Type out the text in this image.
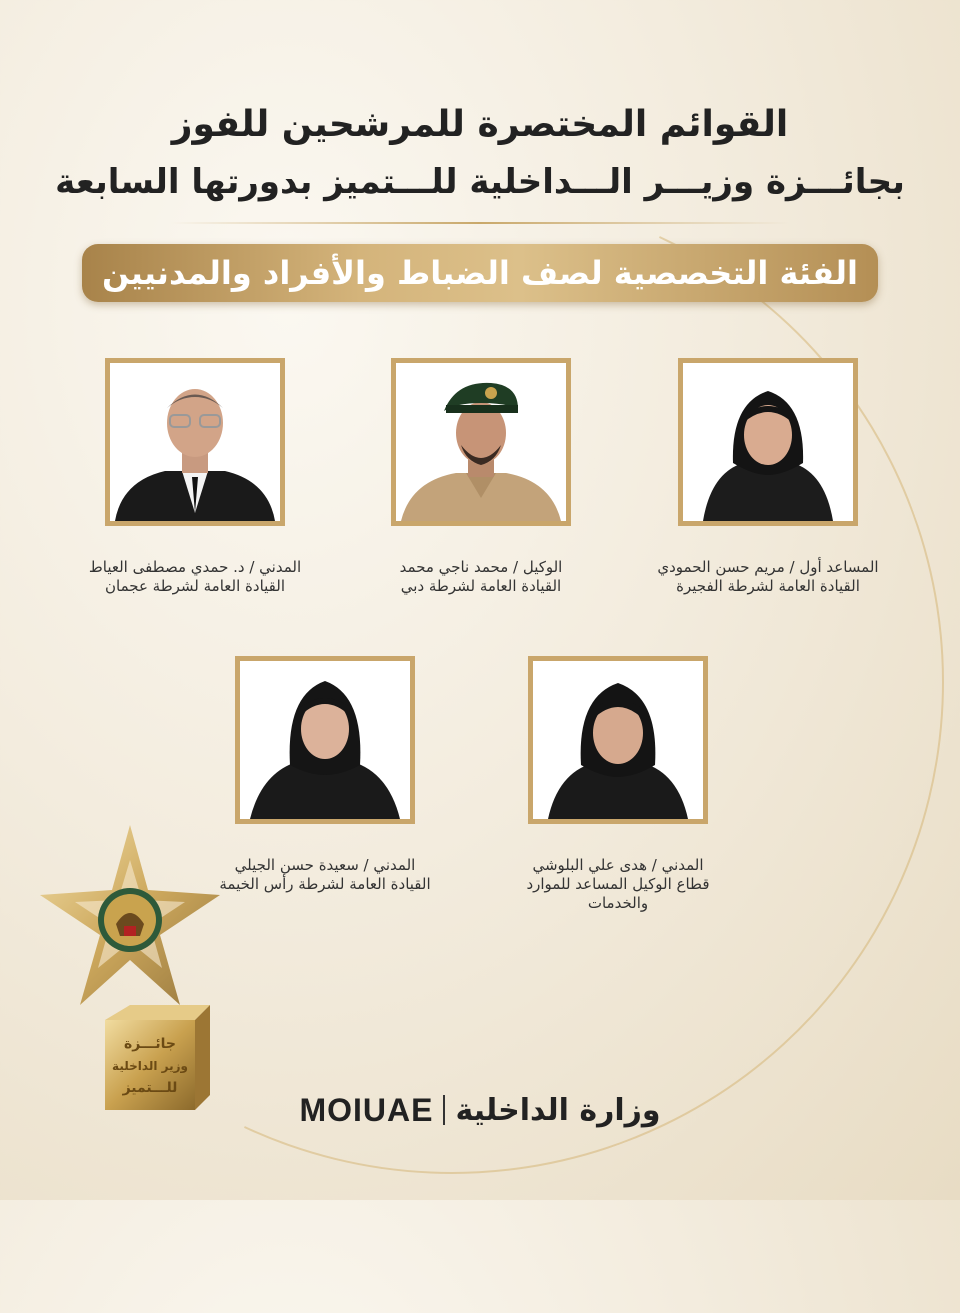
القوائم المختصرة للمرشحين للفوز
بجائـــزة وزيـــر الـــداخلية للـــتميز بدورتها السابعة
الفئة التخصصية لصف الضباط والأفراد والمدنيين
المساعد أول / مريم حسن الحمودي
القيادة العامة لشرطة الفجيرة
الوكيل / محمد ناجي محمد
القيادة العامة لشرطة دبي
المدني / د. حمدي مصطفى العياط
القيادة العامة لشرطة عجمان
المدني / هدى علي البلوشي
قطاع الوكيل المساعد للموارد والخدمات
المدني / سعيدة حسن الجيلي
القيادة العامة لشرطة رأس الخيمة
جائـــزة
وزير الداخلية
للـــتميز
MOIUAE وزارة الداخلية
